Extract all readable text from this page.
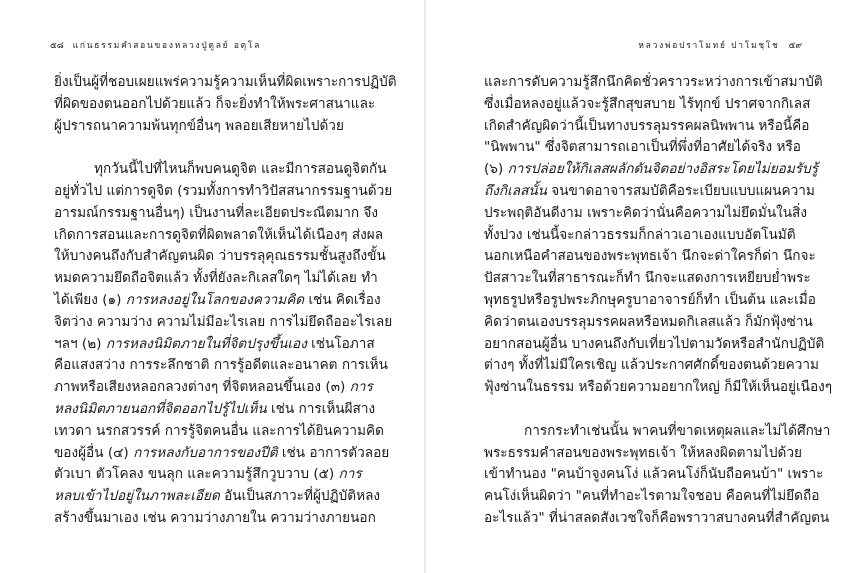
๕๘ แก่นธรรมคำสอนของหลวงปู่ดูลย์ อตุโล
ยิ่งเป็นผู้ที่ชอบเผยแพร่ความรู้ความเห็นที่ผิดเพราะการปฏิบัติ
ที่ผิดของตนออกไปด้วยแล้ว ก็จะยิ่งทำให้พระศาสนาและ
ผู้ปรารถนาความพ้นทุกข์อื่นๆ พลอยเสียหายไปด้วย
ทุกวันนี้ไปที่ไหนก็พบคนดูจิต และมีการสอนดูจิตกัน
อยู่ทั่วไป แต่การดูจิต (รวมทั้งการทำวิปัสสนากรรมฐานด้วย
อารมณ์กรรมฐานอื่นๆ) เป็นงานที่ละเอียดประณีตมาก จึง
เกิดการสอนและการดูจิตที่ผิดพลาดให้เห็นได้เนืองๆ ส่งผล
ให้บางคนถึงกับสำคัญตนผิด ว่าบรรลุคุณธรรมชั้นสูงถึงขั้น
หมดความยึดถือจิตแล้ว ทั้งที่ยังละกิเลสใดๆ ไม่ได้เลย ทำ
ได้เพียง (๑) การหลงอยู่ในโลกของความคิด เช่น คิดเรื่อง
จิตว่าง ความว่าง ความไม่มีอะไรเลย การไม่ยึดถืออะไรเลย
ฯลฯ (๒) การหลงนิมิตภายในที่จิตปรุงขึ้นเอง เช่นโอภาส
คือแสงสว่าง การระลึกชาติ การรู้อดีตและอนาคต การเห็น
ภาพหรือเสียงหลอกลวงต่างๆ ที่จิตหลอนขึ้นเอง (๓) การ
หลงนิมิตภายนอกที่จิตออกไปรู้ไปเห็น เช่น การเห็นผีสาง
เทวดา นรกสวรรค์ การรู้จิตคนอื่น และการได้ยินความคิด
ของผู้อื่น (๔) การหลงกับอาการของปีติ เช่น อาการตัวลอย
ตัวเบา ตัวโคลง ขนลุก และความรู้สึกวูบวาบ (๕) การ
หลบเข้าไปอยู่ในภาพละเอียด อันเป็นสภาวะที่ผู้ปฏิบัติหลง
สร้างขึ้นมาเอง เช่น ความว่างภายใน ความว่างภายนอก
หลวงพ่อปราโมทย์ ปาโมชฺโช ๕๙
และการดับความรู้สึกนึกคิดชั่วคราวระหว่างการเข้าสมาบัติ
ซึ่งเมื่อหลงอยู่แล้วจะรู้สึกสุขสบาย ไร้ทุกข์ ปราศจากกิเลส
เกิดสำคัญผิดว่านี้เป็นทางบรรลุมรรคผลนิพพาน หรือนี้คือ
"นิพพาน" ซึ่งจิตสามารถเอาเป็นที่พึ่งที่อาศัยได้จริง หรือ
(๖) การปล่อยให้กิเลสผลักดันจิตอย่างอิสระโดยไม่ยอมรับรู้
ถึงกิเลสนั้น จนขาดอาจารสมบัติคือระเบียบแบบแผนความ
ประพฤติอันดีงาม เพราะคิดว่านั่นคือความไม่ยึดมั่นในสิ่ง
ทั้งปวง เช่นนี้จะกล่าวธรรมก็กล่าวเอาเองแบบอัตโนมัติ
นอกเหนือคำสอนของพระพุทธเจ้า นึกจะด่าใครก็ด่า นึกจะ
ปัสสาวะในที่สาธารณะก็ทำ นึกจะแสดงการเหยียบย่ำพระ
พุทธรูปหรือรูปพระภิกษุครูบาอาจารย์ก็ทำ เป็นต้น และเมื่อ
คิดว่าตนเองบรรลุมรรคผลหรือหมดกิเลสแล้ว ก็มักฟุ้งซ่าน
อยากสอนผู้อื่น บางคนถึงกับเที่ยวไปตามวัดหรือสำนักปฏิบัติ
ต่างๆ ทั้งที่ไม่มีใครเชิญ แล้วประกาศศักดิ์ของตนด้วยความ
ฟุ้งซ่านในธรรม หรือด้วยความอยากใหญ่ ก็มีให้เห็นอยู่เนืองๆ
การกระทำเช่นนั้น พาคนที่ขาดเหตุผลและไม่ได้ศึกษา
พระธรรมคำสอนของพระพุทธเจ้า ให้หลงผิดตามไปด้วย
เข้าทำนอง "คนบ้าจูงคนโง่ แล้วคนโง่ก็นับถือคนบ้า" เพราะ
คนโง่เห็นผิดว่า "คนที่ทำอะไรตามใจชอบ คือคนที่ไม่ยึดถือ
อะไรแล้ว" ที่น่าสลดสังเวชใจก็คือพราวาสบางคนที่สำคัญตน
